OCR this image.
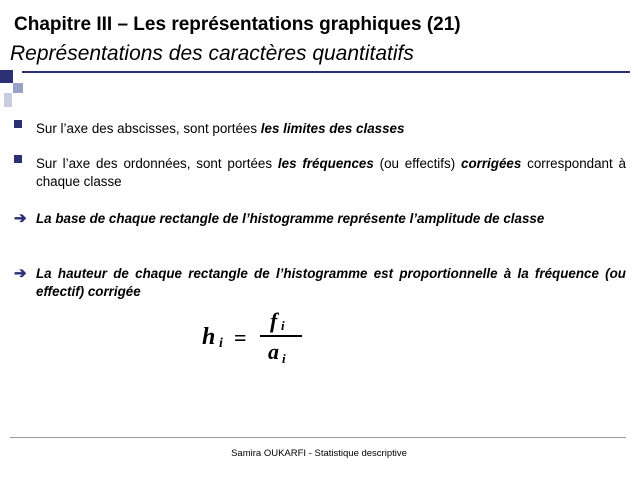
Chapitre III – Les représentations graphiques (21)
Représentations des caractères quantitatifs
Sur l’axe des abscisses, sont portées les limites des classes
Sur l’axe des ordonnées, sont portées les fréquences (ou effectifs) corrigées correspondant à chaque classe
➔ La base de chaque rectangle de l’histogramme représente l’amplitude de classe
➔ La hauteur de chaque rectangle de l’histogramme est proportionnelle à la fréquence (ou effectif) corrigée
h i =
f i
a i
Samira OUKARFI - Statistique descriptive
